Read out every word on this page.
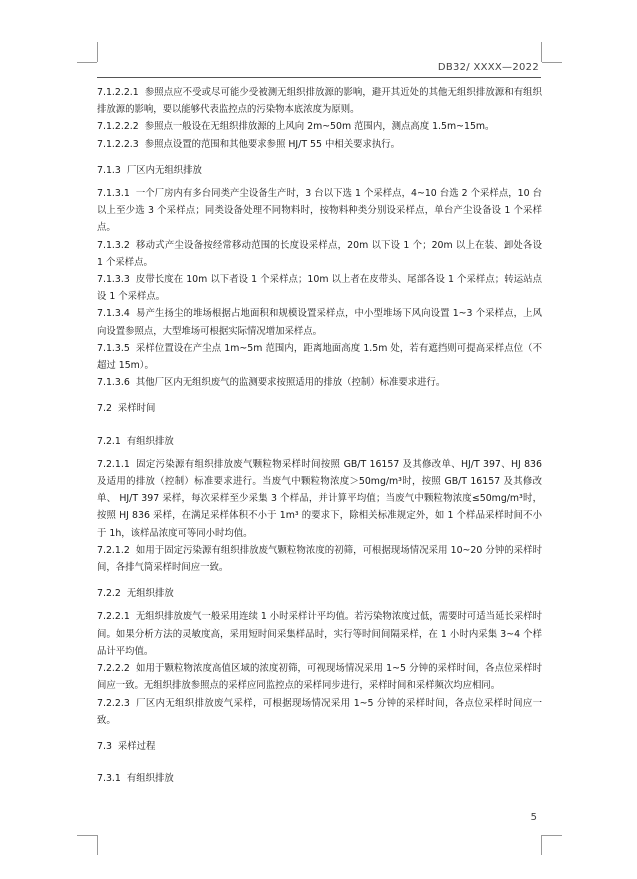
DB32/ XXXX—2022

7.1.2.2.1 参照点应不受或尽可能少受被测无组织排放源的影响，避开其近处的其他无组织排放源和有组织排放源的影响，要以能够代表监控点的污染物本底浓度为原则。

7.1.2.2.2 参照点一般设在无组织排放源的上风向 2m~50m 范围内，测点高度 1.5m~15m。

7.1.2.2.3 参照点设置的范围和其他要求参照 HJ/T 55 中相关要求执行。

7.1.3 厂区内无组织排放

7.1.3.1 一个厂房内有多台同类产尘设备生产时，3 台以下选 1 个采样点，4~10 台选 2 个采样点，10 台以上至少选 3 个采样点；同类设备处理不同物料时，按物料种类分别设采样点，单台产尘设备设 1 个采样点。

7.1.3.2 移动式产尘设备按经常移动范围的长度设采样点，20m 以下设 1 个；20m 以上在装、卸处各设 1 个采样点。

7.1.3.3 皮带长度在 10m 以下者设 1 个采样点；10m 以上者在皮带头、尾部各设 1 个采样点；转运站点设 1 个采样点。

7.1.3.4 易产生扬尘的堆场根据占地面积和规模设置采样点，中小型堆场下风向设置 1~3 个采样点，上风向设置参照点，大型堆场可根据实际情况增加采样点。

7.1.3.5 采样位置设在产尘点 1m~5m 范围内，距离地面高度 1.5m 处，若有遮挡则可提高采样点位（不超过 15m）。

7.1.3.6 其他厂区内无组织废气的监测要求按照适用的排放（控制）标准要求进行。

7.2 采样时间

7.2.1 有组织排放

7.2.1.1 固定污染源有组织排放废气颗粒物采样时间按照 GB/T 16157 及其修改单、HJ/T 397、HJ 836 及适用的排放（控制）标准要求进行。当废气中颗粒物浓度＞50mg/m³时，按照 GB/T 16157 及其修改单、 HJ/T 397 采样，每次采样至少采集 3 个样品，并计算平均值；当废气中颗粒物浓度≤50mg/m³时，按照 HJ 836 采样，在满足采样体积不小于 1m³ 的要求下，除相关标准规定外，如 1 个样品采样时间不小于 1h，该样品浓度可等同小时均值。

7.2.1.2 如用于固定污染源有组织排放废气颗粒物浓度的初筛，可根据现场情况采用 10~20 分钟的采样时间，各排气筒采样时间应一致。

7.2.2 无组织排放

7.2.2.1 无组织排放废气一般采用连续 1 小时采样计平均值。若污染物浓度过低，需要时可适当延长采样时间。如果分析方法的灵敏度高，采用短时间采集样品时，实行等时间间隔采样，在 1 小时内采集 3~4 个样品计平均值。

7.2.2.2 如用于颗粒物浓度高值区域的浓度初筛，可视现场情况采用 1~5 分钟的采样时间，各点位采样时间应一致。无组织排放参照点的采样应同监控点的采样同步进行，采样时间和采样频次均应相同。

7.2.2.3 厂区内无组织排放废气采样，可根据现场情况采用 1~5 分钟的采样时间，各点位采样时间应一致。

7.3 采样过程

7.3.1 有组织排放

5
